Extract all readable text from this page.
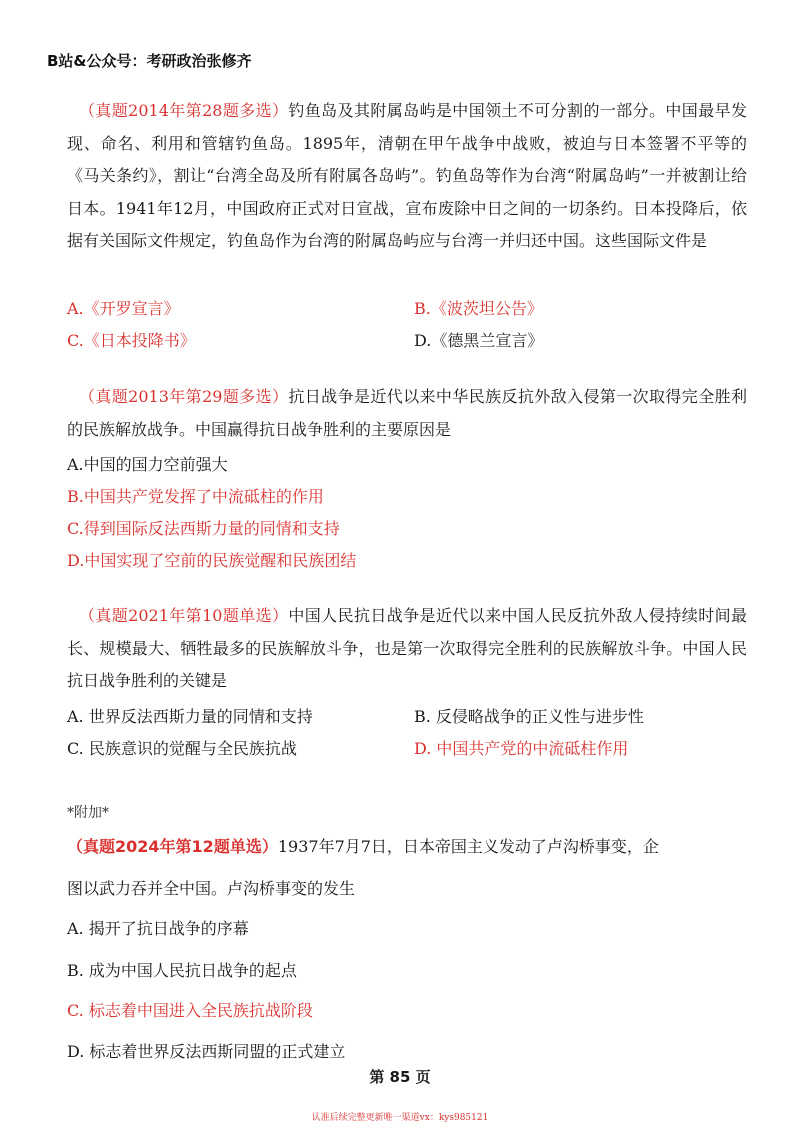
B站&公众号：考研政治张修齐

（真题2014年第28题多选）钓鱼岛及其附属岛屿是中国领土不可分割的一部分。中国最早发现、命名、利用和管辖钓鱼岛。1895年，清朝在甲午战争中战败，被迫与日本签署不平等的《马关条约》，割让“台湾全岛及所有附属各岛屿”。钓鱼岛等作为台湾“附属岛屿”一并被割让给日本。1941年12月，中国政府正式对日宣战，宣布废除中日之间的一切条约。日本投降后，依据有关国际文件规定，钓鱼岛作为台湾的附属岛屿应与台湾一并归还中国。这些国际文件是

A.《开罗宣言》	B.《波茨坦公告》
C.《日本投降书》	D.《德黑兰宣言》

（真题2013年第29题多选）抗日战争是近代以来中华民族反抗外敌入侵第一次取得完全胜利的民族解放战争。中国赢得抗日战争胜利的主要原因是

A.中国的国力空前强大
B.中国共产党发挥了中流砥柱的作用
C.得到国际反法西斯力量的同情和支持
D.中国实现了空前的民族觉醒和民族团结

（真题2021年第10题单选）中国人民抗日战争是近代以来中国人民反抗外敌人侵持续时间最长、规模最大、牺牲最多的民族解放斗争，也是第一次取得完全胜利的民族解放斗争。中国人民抗日战争胜利的关键是

A. 世界反法西斯力量的同情和支持	B. 反侵略战争的正义性与进步性
C. 民族意识的觉醒与全民族抗战	D. 中国共产党的中流砥柱作用
*附加*
（真题2024年第12题单选）1937年7月7日，日本帝国主义发动了卢沟桥事变，企
图以武力吞并全中国。卢沟桥事变的发生
A. 揭开了抗日战争的序幕
B. 成为中国人民抗日战争的起点
C. 标志着中国进入全民族抗战阶段
D. 标志着世界反法西斯同盟的正式建立
第 85 页
认准后续完整更新唯一渠道vx：kys985121
